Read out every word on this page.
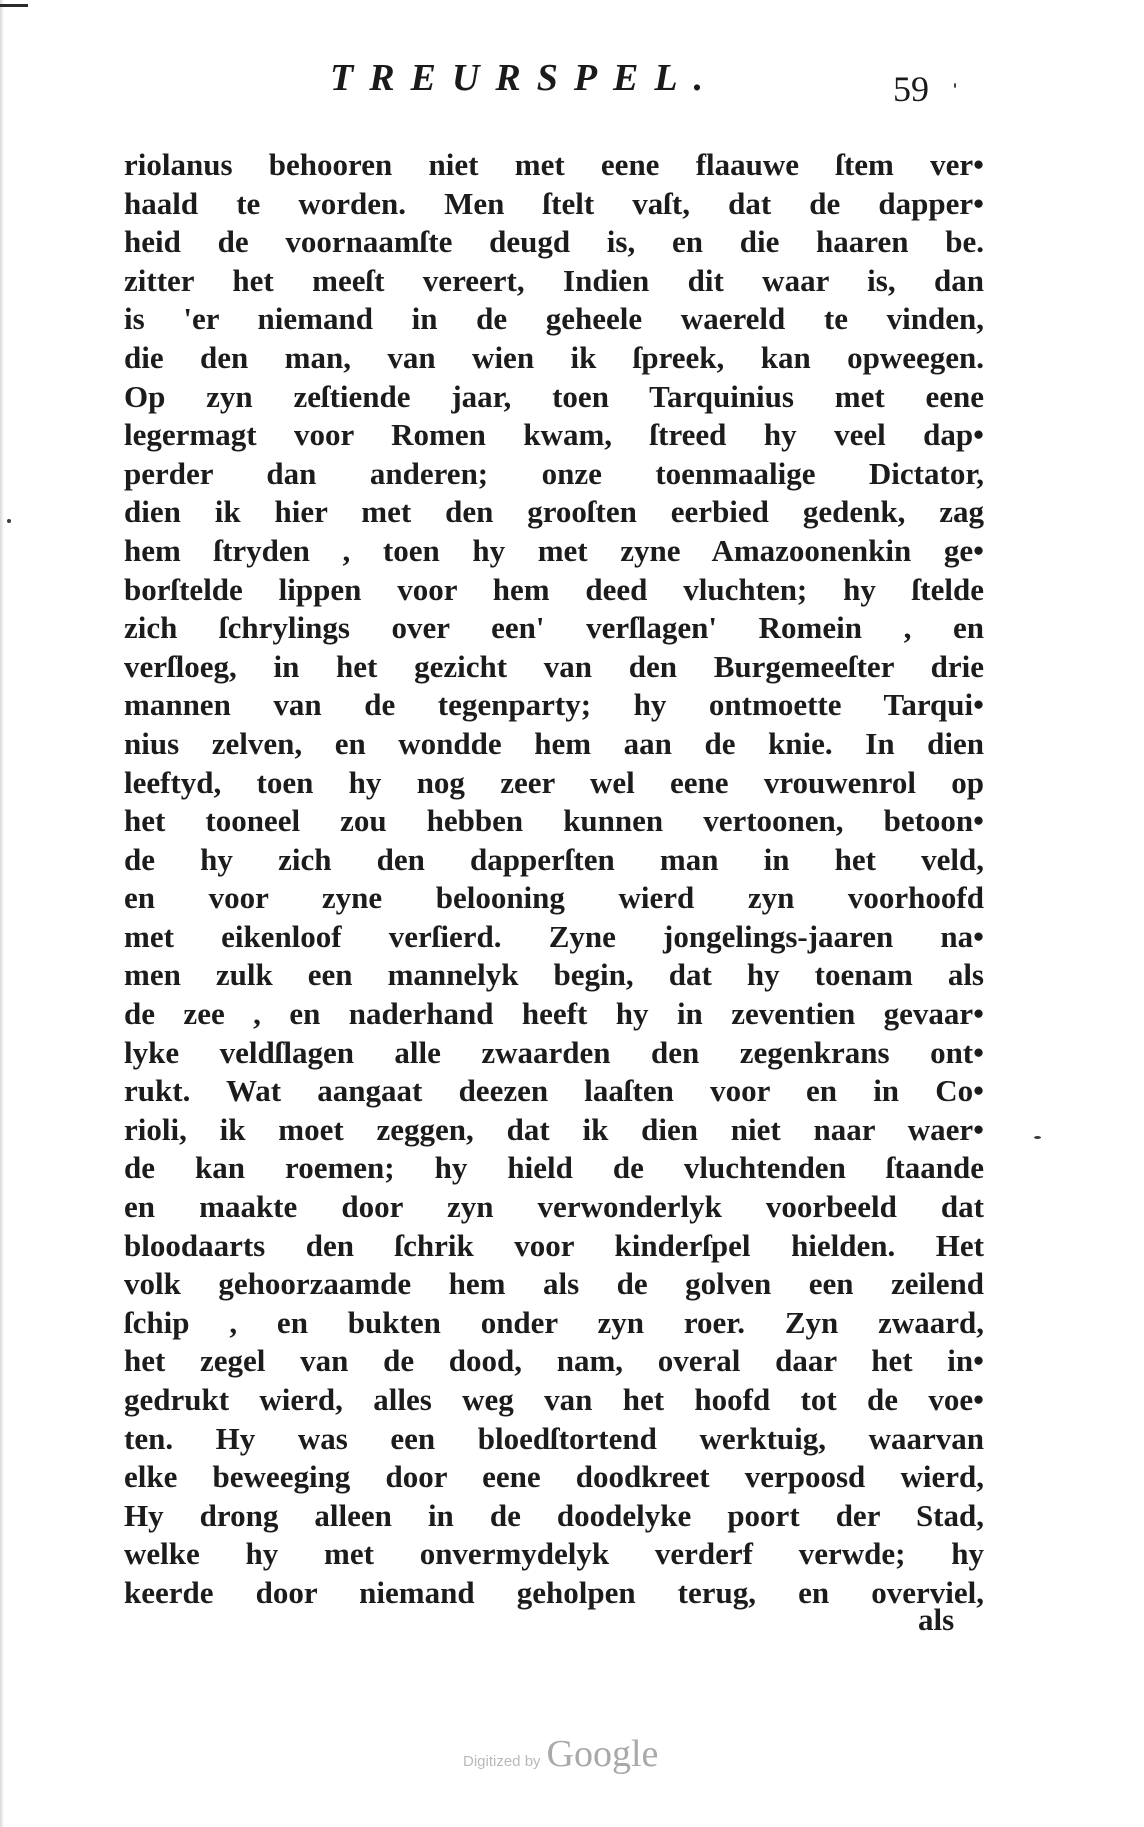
TREURSPEL.	59
riolanus behooren niet met eene flaauwe ſtem ver•
haald te worden. Men ſtelt vaſt, dat de dapper•
heid de voornaamſte deugd is, en die haaren be.
zitter het meeſt vereert, Indien dit waar is, dan
is 'er niemand in de geheele waereld te vinden,
die den man, van wien ik ſpreek, kan opweegen.
Op zyn zeſtiende jaar, toen Tarquinius met eene
legermagt voor Romen kwam, ſtreed hy veel dap•
perder dan anderen; onze toenmaalige Dictator,
dien ik hier met den grooſten eerbied gedenk, zag
hem ſtryden , toen hy met zyne Amazoonenkin ge•
borſtelde lippen voor hem deed vluchten; hy ſtelde
zich ſchrylings over een' verſlagen' Romein , en
verſloeg, in het gezicht van den Burgemeeſter drie
mannen van de tegenparty; hy ontmoette Tarqui•
nius zelven, en wondde hem aan de knie. In dien
leeftyd, toen hy nog zeer wel eene vrouwenrol op
het tooneel zou hebben kunnen vertoonen, betoon•
de hy zich den dapperſten man in het veld,
en voor zyne belooning wierd zyn voorhoofd
met eikenloof verſierd. Zyne jongelings-jaaren na•
men zulk een mannelyk begin, dat hy toenam als
de zee , en naderhand heeft hy in zeventien gevaar•
lyke veldſlagen alle zwaarden den zegenkrans ont•
rukt. Wat aangaat deezen laaſten voor en in Co•
rioli, ik moet zeggen, dat ik dien niet naar waer•
de kan roemen; hy hield de vluchtenden ſtaande
en maakte door zyn verwonderlyk voorbeeld dat
bloodaarts den ſchrik voor kinderſpel hielden. Het
volk gehoorzaamde hem als de golven een zeilend
ſchip , en bukten onder zyn roer. Zyn zwaard,
het zegel van de dood, nam, overal daar het in•
gedrukt wierd, alles weg van het hoofd tot de voe•
ten. Hy was een bloedſtortend werktuig, waarvan
elke beweeging door eene doodkreet verpoosd wierd,
Hy drong alleen in de doodelyke poort der Stad,
welke hy met onvermydelyk verderf verwde; hy
keerde door niemand geholpen terug, en overviel,
als
Digitized by Google
